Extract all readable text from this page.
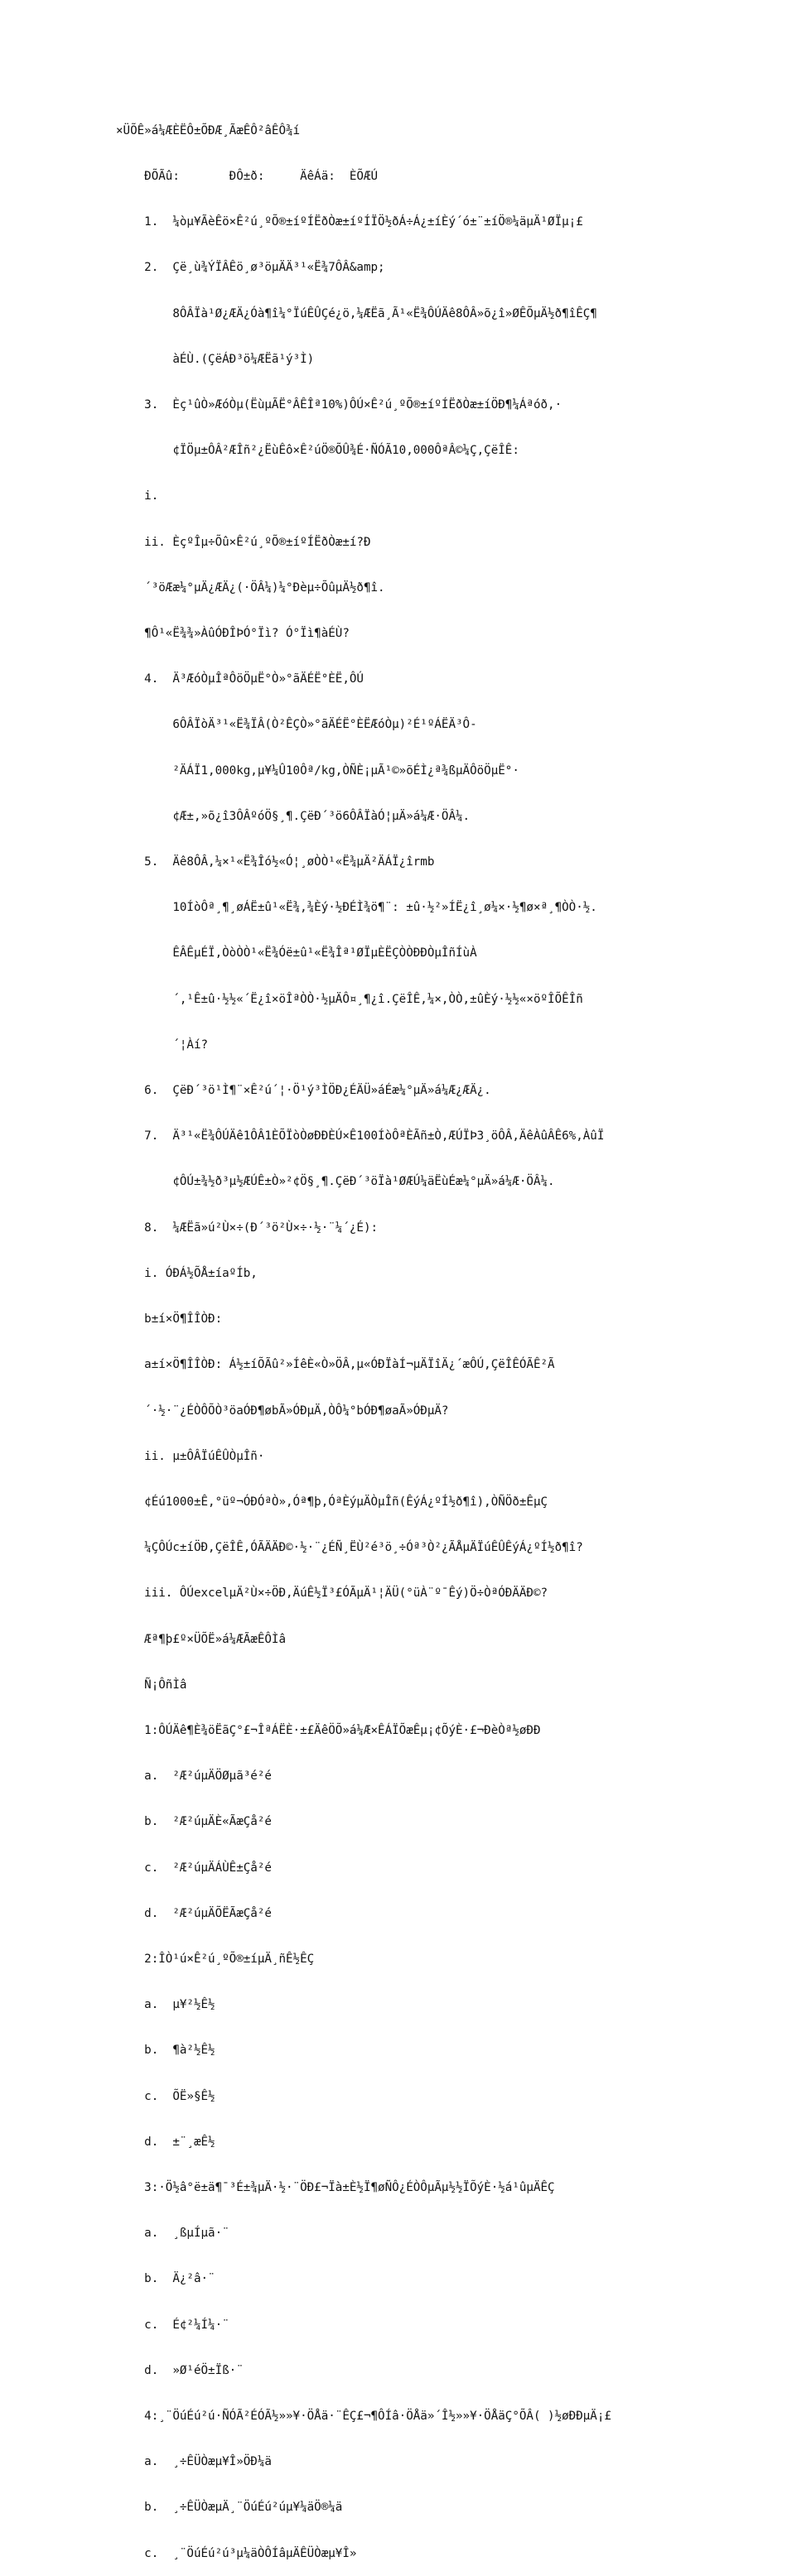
×ÜÕÊ»á¼ÆÈËÔ±ÕÐÆ¸ÃæÊÔ²âÊÔ¾í

ÐÕÃû:       ÐÔ±ð:     ÄêÁä:  ÈÕÆÚ

1.  ¼òµ¥ÃèÊö×Ê²ú¸ºÕ®±íºÍËðÒæ±íºÍÏÖ½ðÁ÷Á¿±íÈý´ó±¨±íÖ®¼äµÄ¹ØÏµ¡£

2.  Çë¸ù¾ÝÏÂÊö¸ø³öµÄÄ³¹«Ë¾7ÔÂ&amp;

8ÔÂÏà¹Ø¿ÆÄ¿Óà¶î¼°ÏúÊÛÇé¿ö,¼ÆËã¸Ã¹«Ë¾ÔÚÄê8ÔÂ»õ¿î»ØÊÕµÄ½ð¶îÊÇ¶

àÉÙ.(ÇëÁÐ³ö¼ÆËã¹ý³Ì)

3.  Èç¹ûÒ»ÆóÒµ(ËùµÃË°ÂÊÎª10%)ÔÚ×Ê²ú¸ºÕ®±íºÍËðÒæ±íÖÐ¶¼Áªóð,·

¢ÏÖµ±ÔÂ²ÆÎñ²¿ËùÊô×Ê²úÖ®ÕÛ¾É·ÑÓÃ10,000ÔªÂ©¼Ç,ÇëÎÊ:

i.

ii. ÈçºÎµ÷Õû×Ê²ú¸ºÕ®±íºÍËðÒæ±í?Ð

´³öÆæ¼°µÄ¿ÆÄ¿(·ÖÂ¼)¼°Ðèµ÷ÕûµÄ½ð¶î.

¶Ô¹«Ë¾¾»ÀûÓÐÎÞÓ°Ïì? Ó°Ïì¶àÉÙ?

4.  Ä³ÆóÒµÎªÔöÖµË°Ò»°ãÄÉË°ÈË,ÔÚ

6ÔÂÏòÄ³¹«Ë¾ÏÂ(Ò²ÊÇÒ»°ãÄÉË°ÈËÆóÒµ)²É¹ºÁËÄ³Ô-

²ÄÁÏ1,000kg,µ¥¼Û10Ôª/kg,ÒÑÈ¡µÃ¹©»õÉÌ¿ª¾ßµÄÔöÖµË°·

¢Æ±,»õ¿î3ÔÂºóÖ§¸¶.ÇëÐ´³ö6ÔÂÏàÓ¦µÄ»á¼Æ·ÖÂ¼.

5.  Äê8ÔÂ,¼×¹«Ë¾Îó½«Ó¦¸øÒÒ¹«Ë¾µÄ²ÄÁÏ¿îrmb

10ÍòÔª¸¶¸øÁË±û¹«Ë¾,¾Èý·½ÐÉÌ¾ö¶¨: ±û·½²»ÍË¿î¸ø¼×·½¶ø×ª¸¶ÒÒ·½.

ÊÂÊµÉÏ,ÒòÒÒ¹«Ë¾Óë±û¹«Ë¾Îª¹ØÏµÈËÇÒÒÐÐÒµÎñÍùÀ

´,¹Ê±û·½½«´Ë¿î×öÎªÒÒ·½µÄÔ¤¸¶¿î.ÇëÎÊ,¼×,ÒÒ,±ûÈý·½½«×öºÎÕÊÎñ

´¦Àí?

6.  ÇëÐ´³ö¹Ì¶¨×Ê²ú´¦·Ö¹ý³ÌÖÐ¿ÉÄÜ»áÉæ¼°µÄ»á¼Æ¿ÆÄ¿.

7.  Ä³¹«Ë¾ÔÚÄê1ÔÂ1ÈÕÏòÒøÐÐÈÚ×Ê100ÍòÔªÈÃñ±Ò,ÆÚÏÞ3¸öÔÂ,ÄêÀûÂÊ6%,ÀûÏ

¢ÔÚ±¾½ð³µ½ÆÚÊ±Ò»²¢Ö§¸¶.ÇëÐ´³öÏà¹ØÆÚ¼äËùÉæ¼°µÄ»á¼Æ·ÖÂ¼.

8.  ¼ÆËã»ú²Ù×÷(Ð´³ö²Ù×÷·½·¨¼´¿É):

i. ÓÐÁ½ÕÅ±íaºÍb,

b±í×Ö¶ÎÎÒÐ:

a±í×Ö¶ÎÎÒÐ: Á½±íÕÃû²»ÍêÈ«Ò»ÖÂ,µ«ÓÐÏàÍ¬µÄÏîÄ¿´æÔÚ,ÇëÎÊÓÃÊ²Ã

´·½·¨¿ÉÒÔÕÒ³öaÓÐ¶øbÃ»ÓÐµÄ,ÒÔ¼°bÓÐ¶øaÃ»ÓÐµÄ?

ii. µ±ÔÂÏúÊÛÒµÎñ·

¢Éú1000±Ê,°üº¬ÓÐÓªÒ»,Óª¶þ,ÓªÈýµÄÒµÎñ(ÊýÁ¿ºÍ½ð¶î),ÒÑÖð±ÊµÇ

¼ÇÔÚc±íÖÐ,ÇëÎÊ,ÓÃÄÄÐ©·½·¨¿ÉÑ¸ËÙ²é³ö¸÷Óª³Ò²¿ÃÅµÄÏúÊÛÊýÁ¿ºÍ½ð¶î?

iii. ÔÚexcelµÄ²Ù×÷ÖÐ,ÄúÊ½Ï³£ÓÃµÄ¹¦ÄÜ(°üÀ¨º¯Êý)Ö÷ÒªÓÐÄÄÐ©?

Æª¶þ£º×ÜÕË»á¼ÆÃæÊÔÌâ

Ñ¡ÔñÌâ

1:ÔÚÄê¶È¾öËãÇ°£¬ÎªÁËÈ·±£ÄêÖÕ»á¼Æ×ÊÁÏÕæÊµ¡¢ÕýÈ·£¬ÐèÒª½øÐÐ

a.  ²Æ²úµÄÖØµã³é²é

b.  ²Æ²úµÄÈ«ÃæÇå²é

c.  ²Æ²úµÄÁÙÊ±Çå²é

d.  ²Æ²úµÄÕËÃæÇå²é

2:ÎÒ¹ú×Ê²ú¸ºÕ®±íµÄ¸ñÊ½ÊÇ

a.  µ¥²½Ê½

b.  ¶à²½Ê½

c.  ÕË»§Ê½

d.  ±¨¸æÊ½

3:·Ö½â°ë±ä¶¯³É±¾µÄ·½·¨ÖÐ£¬Ïà±È½Ï¶øÑÔ¿ÉÒÔµÃµ½½ÏÕýÈ·½á¹ûµÄÊÇ

a.  ¸ßµÍµã·¨

b.  Ä¿²â·¨

c.  É¢²¼Í¼·¨

d.  »Ø¹éÖ±Ïß·¨

4:¸¨ÖúÉú²ú·ÑÓÃ²ÉÓÃ½»»¥·ÖÅä·¨ÊÇ£¬¶ÔÍâ·ÖÅä»´Î½»»¥·ÖÅäÇ°ÕÂ( )½øÐÐµÄ¡£

a.  ¸÷ÊÜÒæµ¥Î»ÖÐ¼ä

b.  ¸÷ÊÜÒæµÄ¸¨ÖúÉú²úµ¥¼äÖ®¼ä

c.  ¸¨ÖúÉú²ú³µ¼äÒÔÍâµÄÊÜÒæµ¥Î»
